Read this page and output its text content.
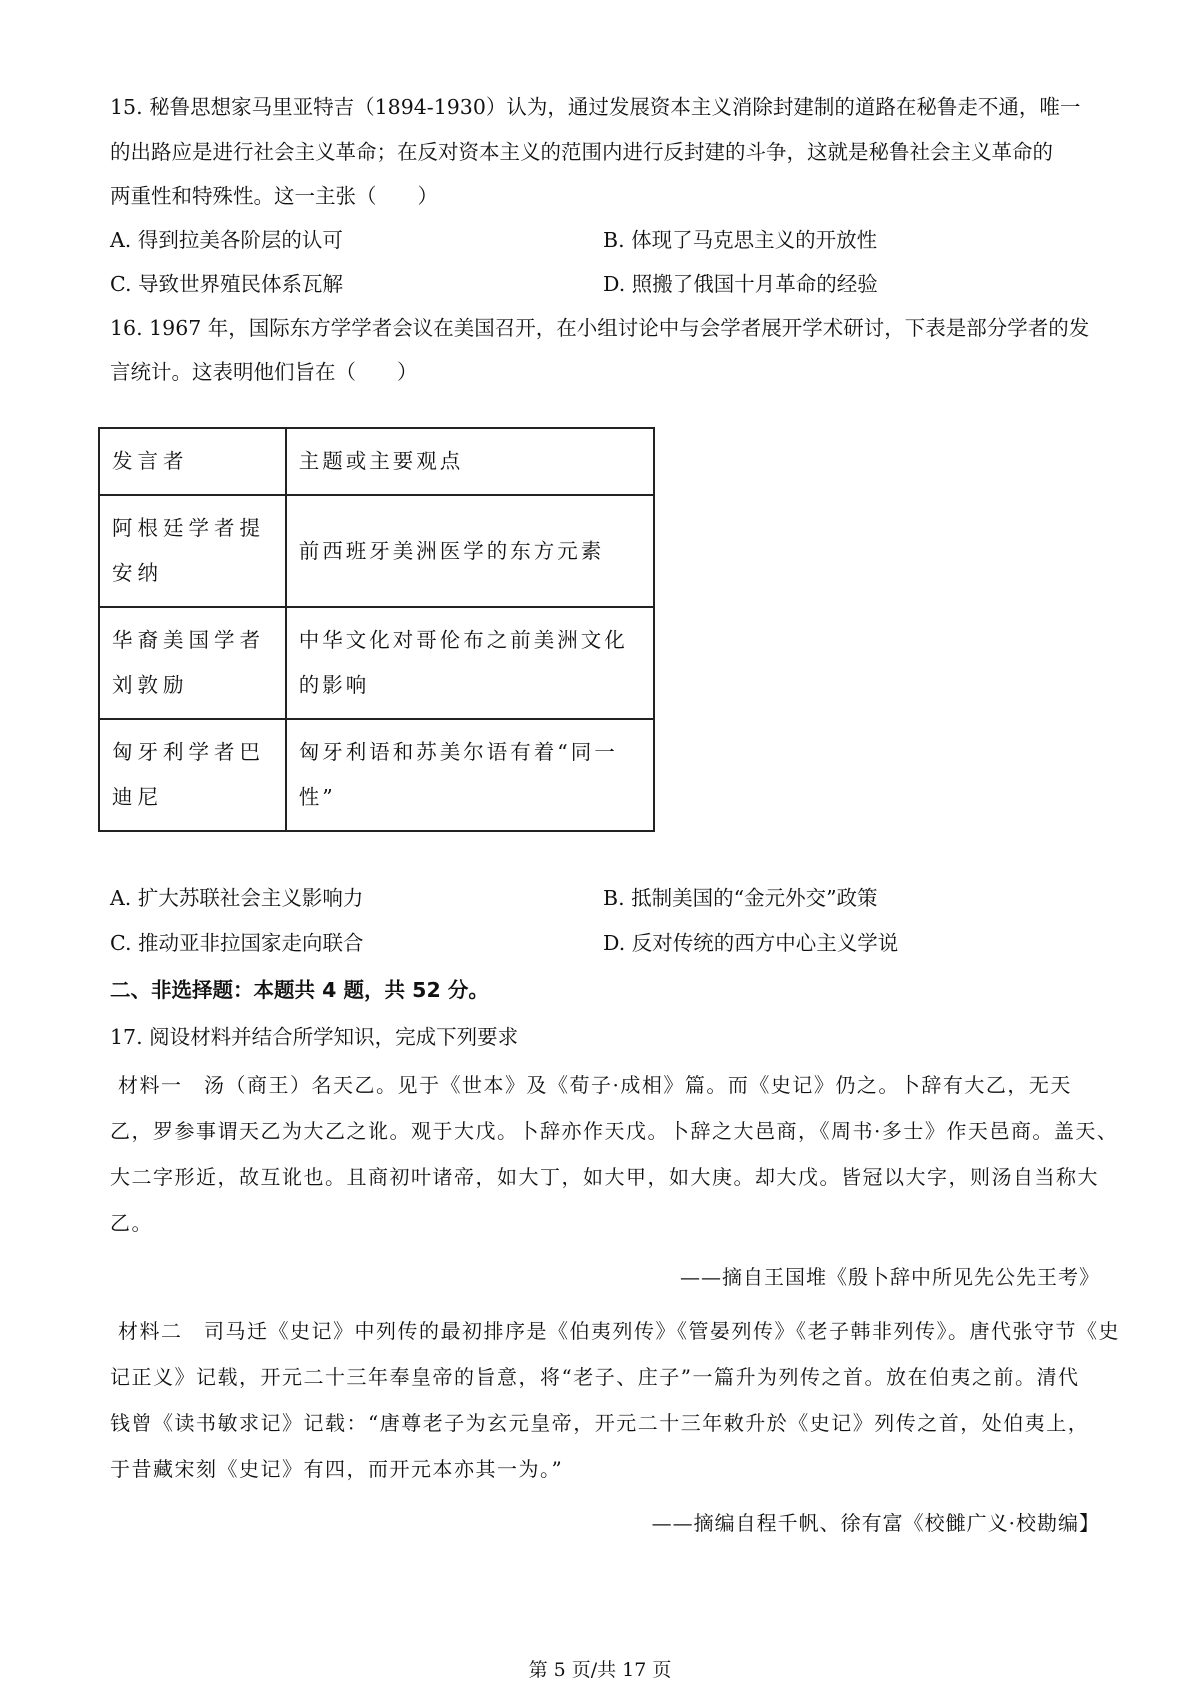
15. 秘鲁思想家马里亚特吉（1894-1930）认为，通过发展资本主义消除封建制的道路在秘鲁走不通，唯一
的出路应是进行社会主义革命；在反对资本主义的范围内进行反封建的斗争，这就是秘鲁社会主义革命的
两重性和特殊性。这一主张（　　）
A. 得到拉美各阶层的认可	B. 体现了马克思主义的开放性
C. 导致世界殖民体系瓦解	D. 照搬了俄国十月革命的经验
16. 1967 年，国际东方学学者会议在美国召开，在小组讨论中与会学者展开学术研讨，下表是部分学者的发
言统计。这表明他们旨在（　　）
发言者	主题或主要观点
阿根廷学者提安纳	前西班牙美洲医学的东方元素
华裔美国学者刘敦励	中华文化对哥伦布之前美洲文化的影响
匈牙利学者巴迪尼	匈牙利语和苏美尔语有着“同一性”
A. 扩大苏联社会主义影响力	B. 抵制美国的“金元外交”政策
C. 推动亚非拉国家走向联合	D. 反对传统的西方中心主义学说
二、非选择题：本题共 4 题，共 52 分。
17. 阅设材料并结合所学知识，完成下列要求
材料一　汤（商王）名天乙。见于《世本》及《荀子·成相》篇。而《史记》仍之。卜辞有大乙，无天
乙，罗参事谓天乙为大乙之讹。观于大戊。卜辞亦作天戊。卜辞之大邑商，《周书·多士》作天邑商。盖天、
大二字形近，故互讹也。且商初叶诸帝，如大丁，如大甲，如大庚。却大戊。皆冠以大字，则汤自当称大
乙。
——摘自王国堆《殷卜辞中所见先公先王考》
材料二　司马迁《史记》中列传的最初排序是《伯夷列传》《管晏列传》《老子韩非列传》。唐代张守节《史
记正义》记载，开元二十三年奉皇帝的旨意，将“老子、庄子”一篇升为列传之首。放在伯夷之前。清代
钱曾《读书敏求记》记载：“唐尊老子为玄元皇帝，开元二十三年敕升於《史记》列传之首，处伯夷上，
于昔藏宋刻《史记》有四，而开元本亦其一为。”
——摘编自程千帆、徐有富《校雠广义·校勘编】
第 5 页/共 17 页
